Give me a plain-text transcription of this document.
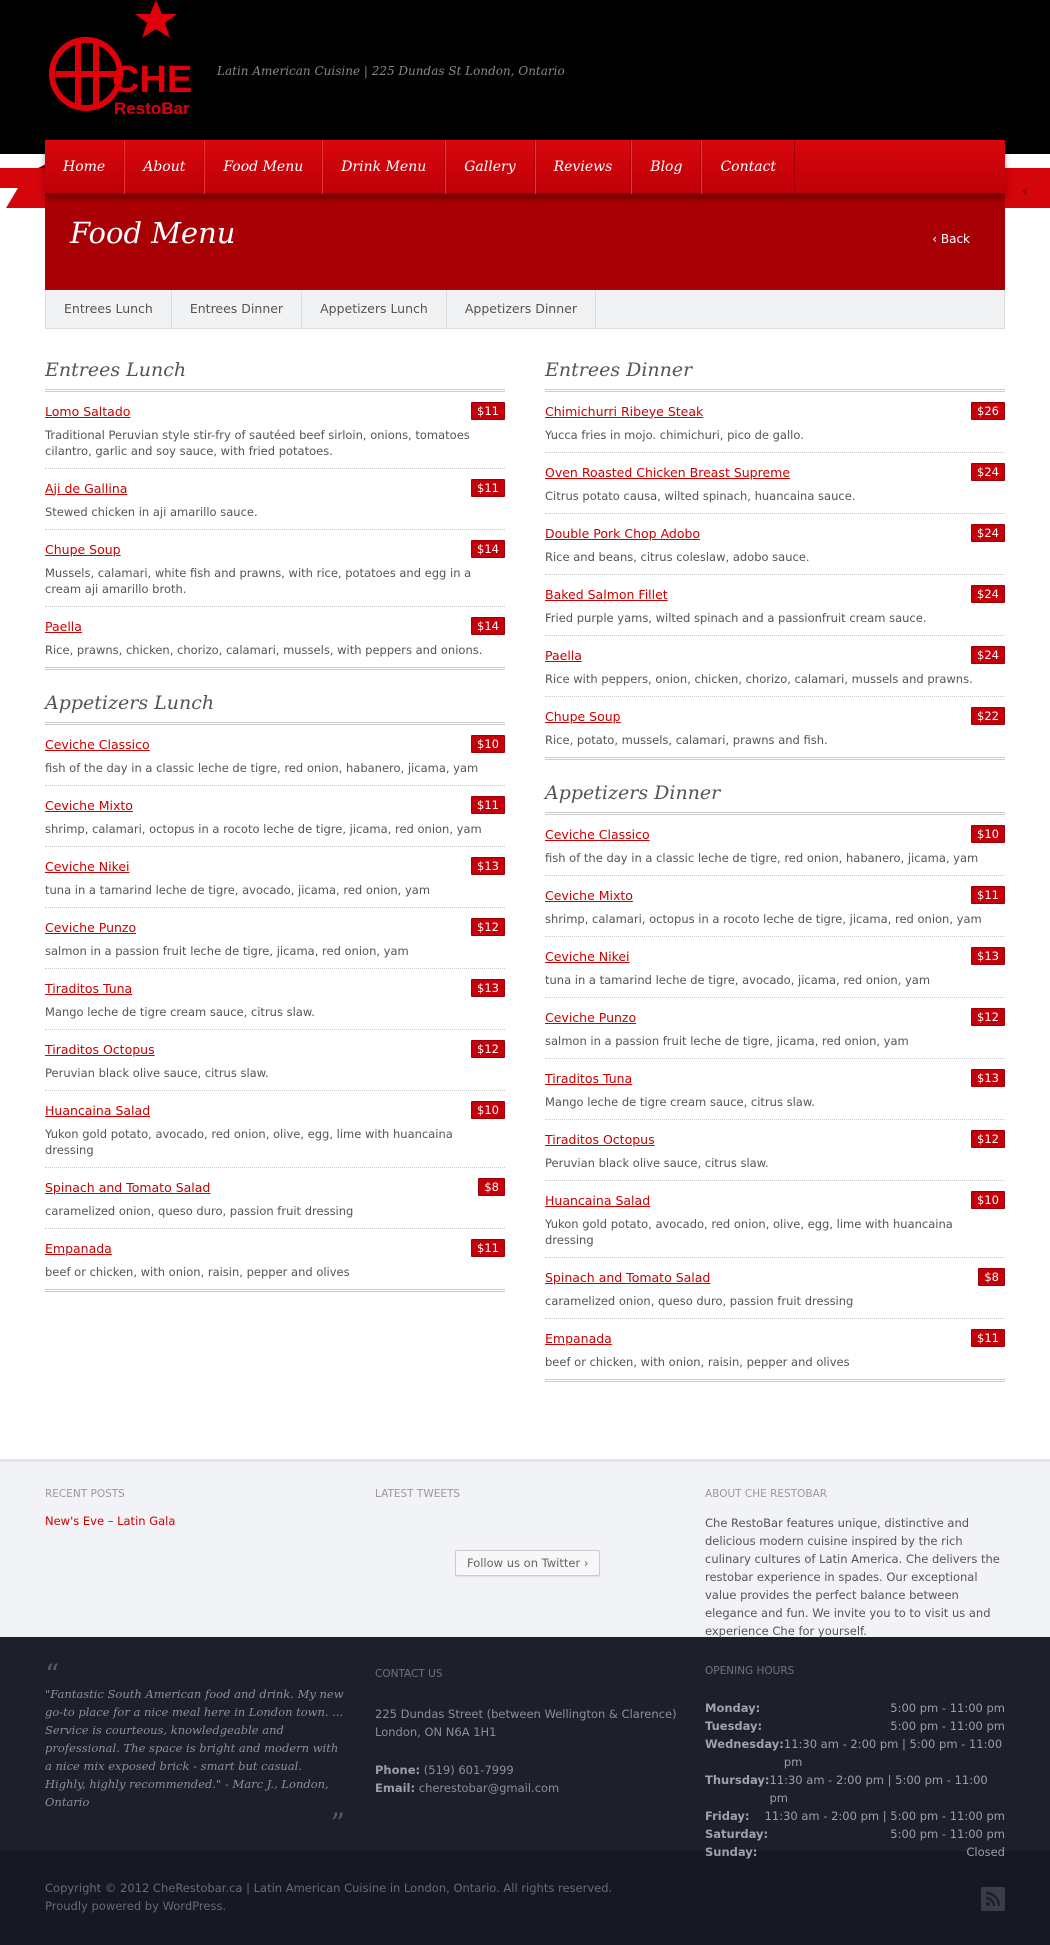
CHE
RestoBar
Latin American Cuisine | 225 Dundas St London, Ontario
‹
Home	About	Food Menu	Drink Menu	Gallery	Reviews	Blog	Contact
Food Menu	‹ Back
Entrees Lunch	Entrees Dinner	Appetizers Lunch	Appetizers Dinner
Entrees Lunch
Lomo Saltado	$11
Traditional Peruvian style stir-fry of sautéed beef sirloin, onions, tomatoes cilantro, garlic and soy sauce, with fried potatoes.
Aji de Gallina	$11
Stewed chicken in aji amarillo sauce.
Chupe Soup	$14
Mussels, calamari, white fish and prawns, with rice, potatoes and egg in a cream aji amarillo broth.
Paella	$14
Rice, prawns, chicken, chorizo, calamari, mussels, with peppers and onions.
Appetizers Lunch
Ceviche Classico	$10
fish of the day in a classic leche de tigre, red onion, habanero, jicama, yam
Ceviche Mixto	$11
shrimp, calamari, octopus in a rocoto leche de tigre, jicama, red onion, yam
Ceviche Nikei	$13
tuna in a tamarind leche de tigre, avocado, jicama, red onion, yam
Ceviche Punzo	$12
salmon in a passion fruit leche de tigre, jicama, red onion, yam
Tiraditos Tuna	$13
Mango leche de tigre cream sauce, citrus slaw.
Tiraditos Octopus	$12
Peruvian black olive sauce, citrus slaw.
Huancaina Salad	$10
Yukon gold potato, avocado, red onion, olive, egg, lime with huancaina dressing
Spinach and Tomato Salad	$8
caramelized onion, queso duro, passion fruit dressing
Empanada	$11
beef or chicken, with onion, raisin, pepper and olives
Entrees Dinner
Chimichurri Ribeye Steak	$26
Yucca fries in mojo. chimichuri, pico de gallo.
Oven Roasted Chicken Breast Supreme	$24
Citrus potato causa, wilted spinach, huancaina sauce.
Double Pork Chop Adobo	$24
Rice and beans, citrus coleslaw, adobo sauce.
Baked Salmon Fillet	$24
Fried purple yams, wilted spinach and a passionfruit cream sauce.
Paella	$24
Rice with peppers, onion, chicken, chorizo, calamari, mussels and prawns.
Chupe Soup	$22
Rice, potato, mussels, calamari, prawns and fish.
Appetizers Dinner
Ceviche Classico	$10
fish of the day in a classic leche de tigre, red onion, habanero, jicama, yam
Ceviche Mixto	$11
shrimp, calamari, octopus in a rocoto leche de tigre, jicama, red onion, yam
Ceviche Nikei	$13
tuna in a tamarind leche de tigre, avocado, jicama, red onion, yam
Ceviche Punzo	$12
salmon in a passion fruit leche de tigre, jicama, red onion, yam
Tiraditos Tuna	$13
Mango leche de tigre cream sauce, citrus slaw.
Tiraditos Octopus	$12
Peruvian black olive sauce, citrus slaw.
Huancaina Salad	$10
Yukon gold potato, avocado, red onion, olive, egg, lime with huancaina dressing
Spinach and Tomato Salad	$8
caramelized onion, queso duro, passion fruit dressing
Empanada	$11
beef or chicken, with onion, raisin, pepper and olives
RECENT POSTS
New's Eve – Latin Gala
LATEST TWEETS
Follow us on Twitter ›
ABOUT CHE RESTOBAR
Che RestoBar features unique, distinctive and delicious modern cuisine inspired by the rich culinary cultures of Latin America. Che delivers the restobar experience in spades. Our exceptional value provides the perfect balance between elegance and fun. We invite you to to visit us and experience Che for yourself.
“
"Fantastic South American food and drink. My new go-to place for a nice meal here in London town. ... Service is courteous, knowledgeable and professional. The space is bright and modern with a nice mix exposed brick - smart but casual. Highly, highly recommended." - Marc J., London, Ontario
”
CONTACT US
225 Dundas Street (between Wellington & Clarence)
London, ON N6A 1H1
Phone: (519) 601-7999
Email: cherestobar@gmail.com
OPENING HOURS
Monday:	5:00 pm - 11:00 pm
Tuesday:	5:00 pm - 11:00 pm
Wednesday: 11:30 am - 2:00 pm | 5:00 pm - 11:00 pm
Thursday: 11:30 am - 2:00 pm | 5:00 pm - 11:00 pm
Friday: 11:30 am - 2:00 pm | 5:00 pm - 11:00 pm
Saturday:	5:00 pm - 11:00 pm
Sunday:	Closed
Copyright © 2012 CheRestobar.ca | Latin American Cuisine in London, Ontario. All rights reserved.
Proudly powered by WordPress.
